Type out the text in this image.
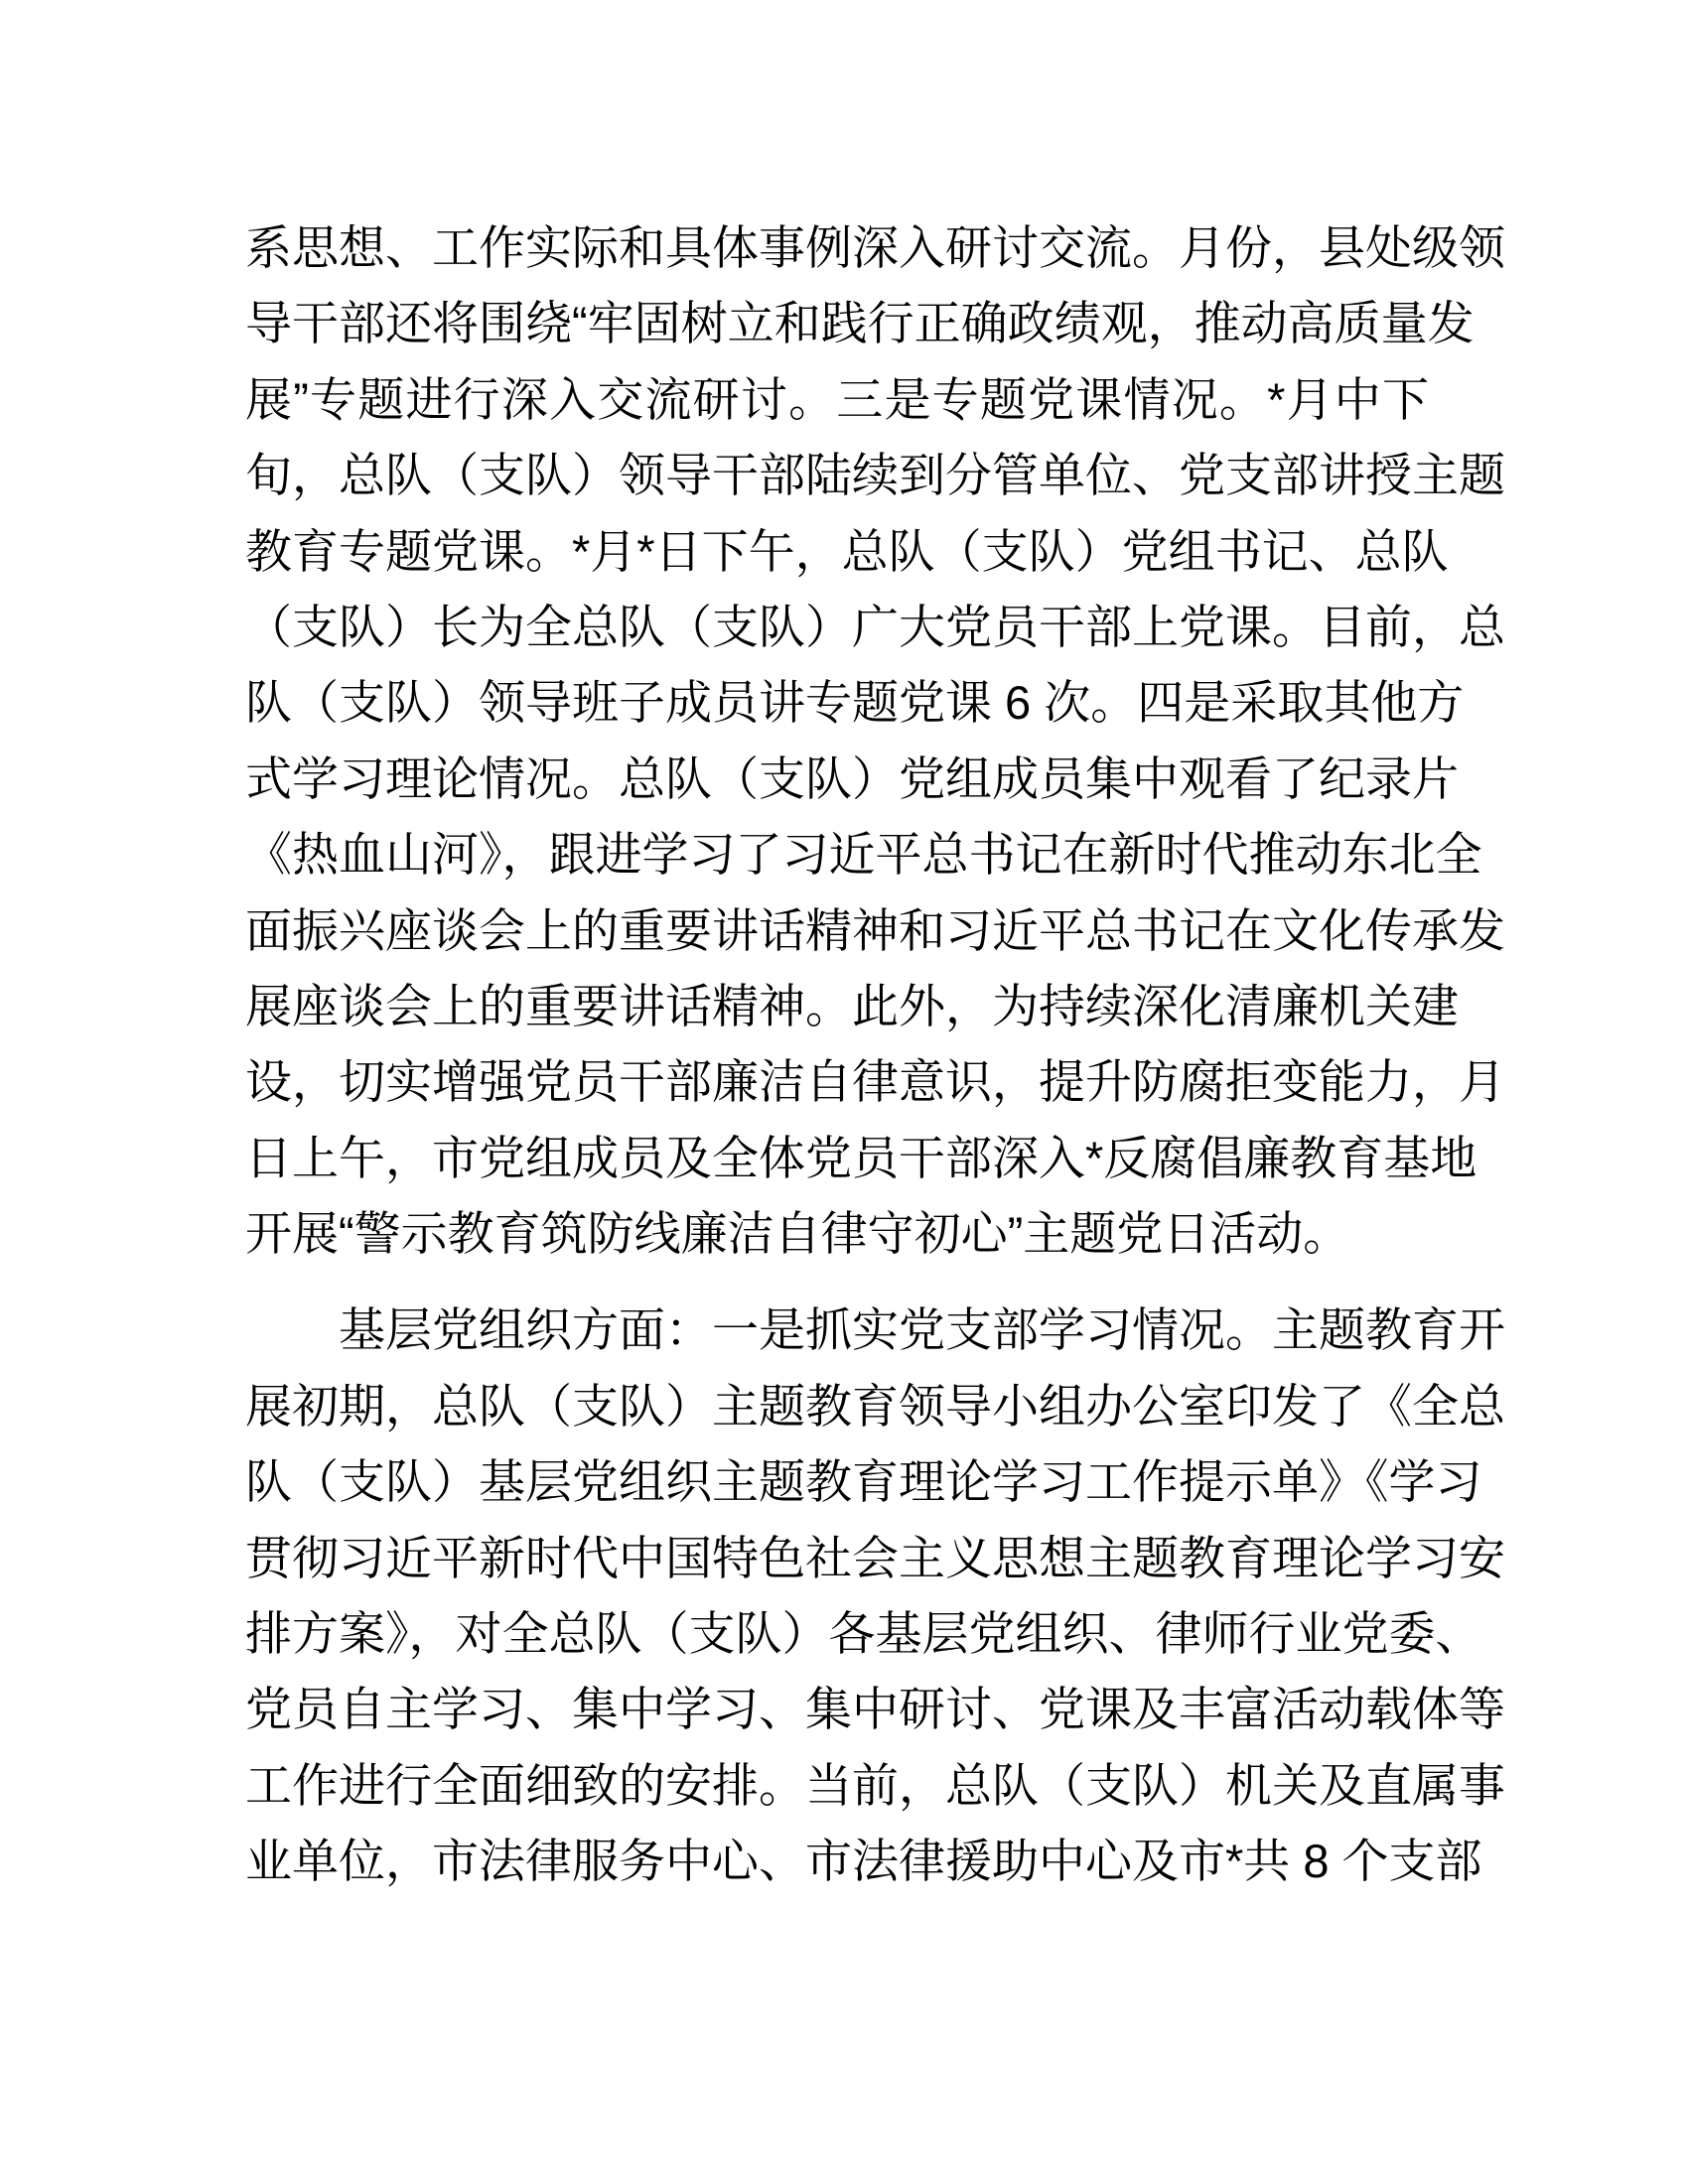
系思想、工作实际和具体事例深入研讨交流。月份，县处级领
导干部还将围绕“牢固树立和践行正确政绩观，推动高质量发
展”专题进行深入交流研讨。三是专题党课情况。*月中下
旬，总队（支队）领导干部陆续到分管单位、党支部讲授主题
教育专题党课。*月*日下午，总队（支队）党组书记、总队
（支队）长为全总队（支队）广大党员干部上党课。目前，总
队（支队）领导班子成员讲专题党课 6 次。四是采取其他方
式学习理论情况。总队（支队）党组成员集中观看了纪录片
《热血山河》，跟进学习了习近平总书记在新时代推动东北全
面振兴座谈会上的重要讲话精神和习近平总书记在文化传承发
展座谈会上的重要讲话精神。此外，为持续深化清廉机关建
设，切实增强党员干部廉洁自律意识，提升防腐拒变能力，月
日上午，市党组成员及全体党员干部深入*反腐倡廉教育基地
开展“警示教育筑防线廉洁自律守初心”主题党日活动。
基层党组织方面：一是抓实党支部学习情况。主题教育开
展初期，总队（支队）主题教育领导小组办公室印发了《全总
队（支队）基层党组织主题教育理论学习工作提示单》《学习
贯彻习近平新时代中国特色社会主义思想主题教育理论学习安
排方案》，对全总队（支队）各基层党组织、律师行业党委、
党员自主学习、集中学习、集中研讨、党课及丰富活动载体等
工作进行全面细致的安排。当前，总队（支队）机关及直属事
业单位，市法律服务中心、市法律援助中心及市*共 8 个支部
